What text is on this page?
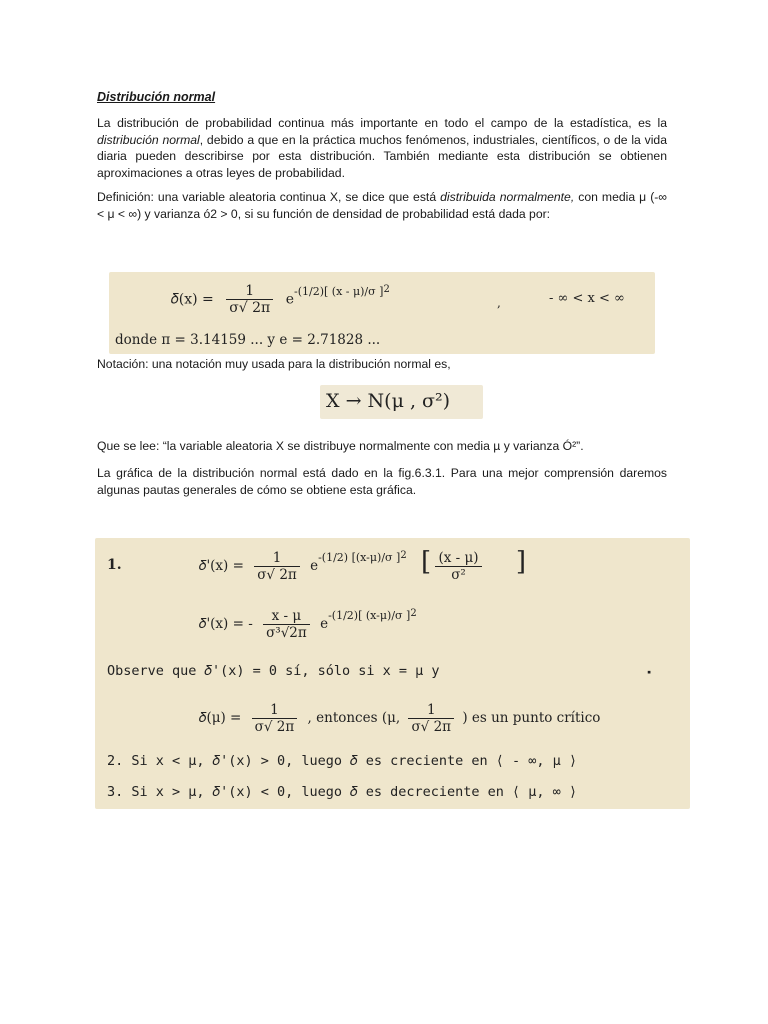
Distribución normal

La distribución de probabilidad continua más importante en todo el campo de la estadística, es la distribución normal, debido a que en la práctica muchos fenómenos, industriales, científicos, o de la vida diaria pueden describirse por esta distribución. También mediante esta distribución se obtienen aproximaciones a otras leyes de probabilidad.

Definición: una variable aleatoria continua X, se dice que está distribuida normalmente, con media μ (-∞ < μ < ∞) y varianza ó2 > 0, si su función de densidad de probabilidad está dada por:

𝛿(x) = $\frac{1}{\sigma√ 2\pi} e^{-(1/2)[ (x - \mu)/\sigma ]2}$
,	- ∞ < x < ∞
donde π = 3.14159 ... y e = 2.71828 ...

Notación: una notación muy usada para la distribución normal es,

X → N(μ , σ²)

Que se lee: “la variable aleatoria X se distribuye normalmente con media µ y varianza Ó²”.

La gráfica de la distribución normal está dado en la fig.6.3.1. Para una mejor comprensión daremos algunas pautas generales de cómo se obtiene esta gráfica.

1.	𝛿'(x) = $\frac{1}{\sigma√ 2\pi} e^{-(1/2) [(x-\mu)/\sigma ]2}$ [ $\frac{(x - \mu)}{\text{σ²}}$ ]
𝛿'(x) = - $\frac{x - \mu}{\text{σ³√2π}} e^{-(1/2)[ (x-\mu)/\sigma ]2}$
Observe que 𝛿'(x) = 0 sí, sólo si x = μ y	▪
𝛿(μ) = $\frac{1}{\sigma√ 2\pi}$ , entonces (μ, $\frac{1}{\sigma√ 2\pi}$ ) es un punto crítico
2. Si x < μ, 𝛿'(x) > 0, luego 𝛿 es creciente en ⟨ - ∞, μ ⟩
3. Si x > μ, 𝛿'(x) < 0, luego 𝛿 es decreciente en ⟨ μ, ∞ ⟩
